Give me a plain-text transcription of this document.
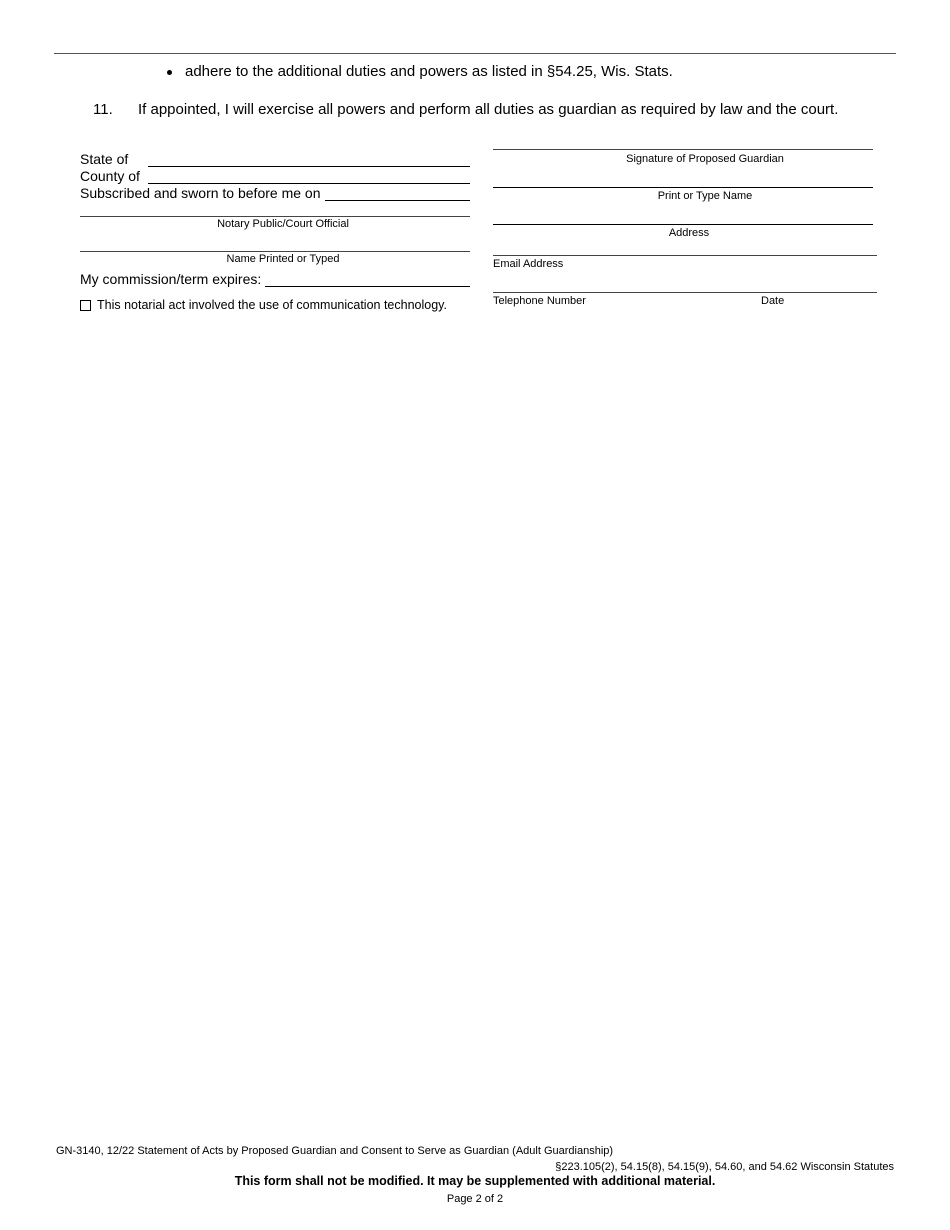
adhere to the additional duties and powers as listed in §54.25, Wis. Stats.
11. If appointed, I will exercise all powers and perform all duties as guardian as required by law and the court.
State of
County of
Subscribed and sworn to before me on
Notary Public/Court Official
Name Printed or Typed
My commission/term expires:
This notarial act involved the use of communication technology.
Signature of Proposed Guardian
Print or Type Name
Address
Email Address
Telephone Number	Date
GN-3140, 12/22 Statement of Acts by Proposed Guardian and Consent to Serve as Guardian (Adult Guardianship)
§223.105(2), 54.15(8), 54.15(9), 54.60, and 54.62 Wisconsin Statutes
This form shall not be modified. It may be supplemented with additional material.
Page 2 of 2
